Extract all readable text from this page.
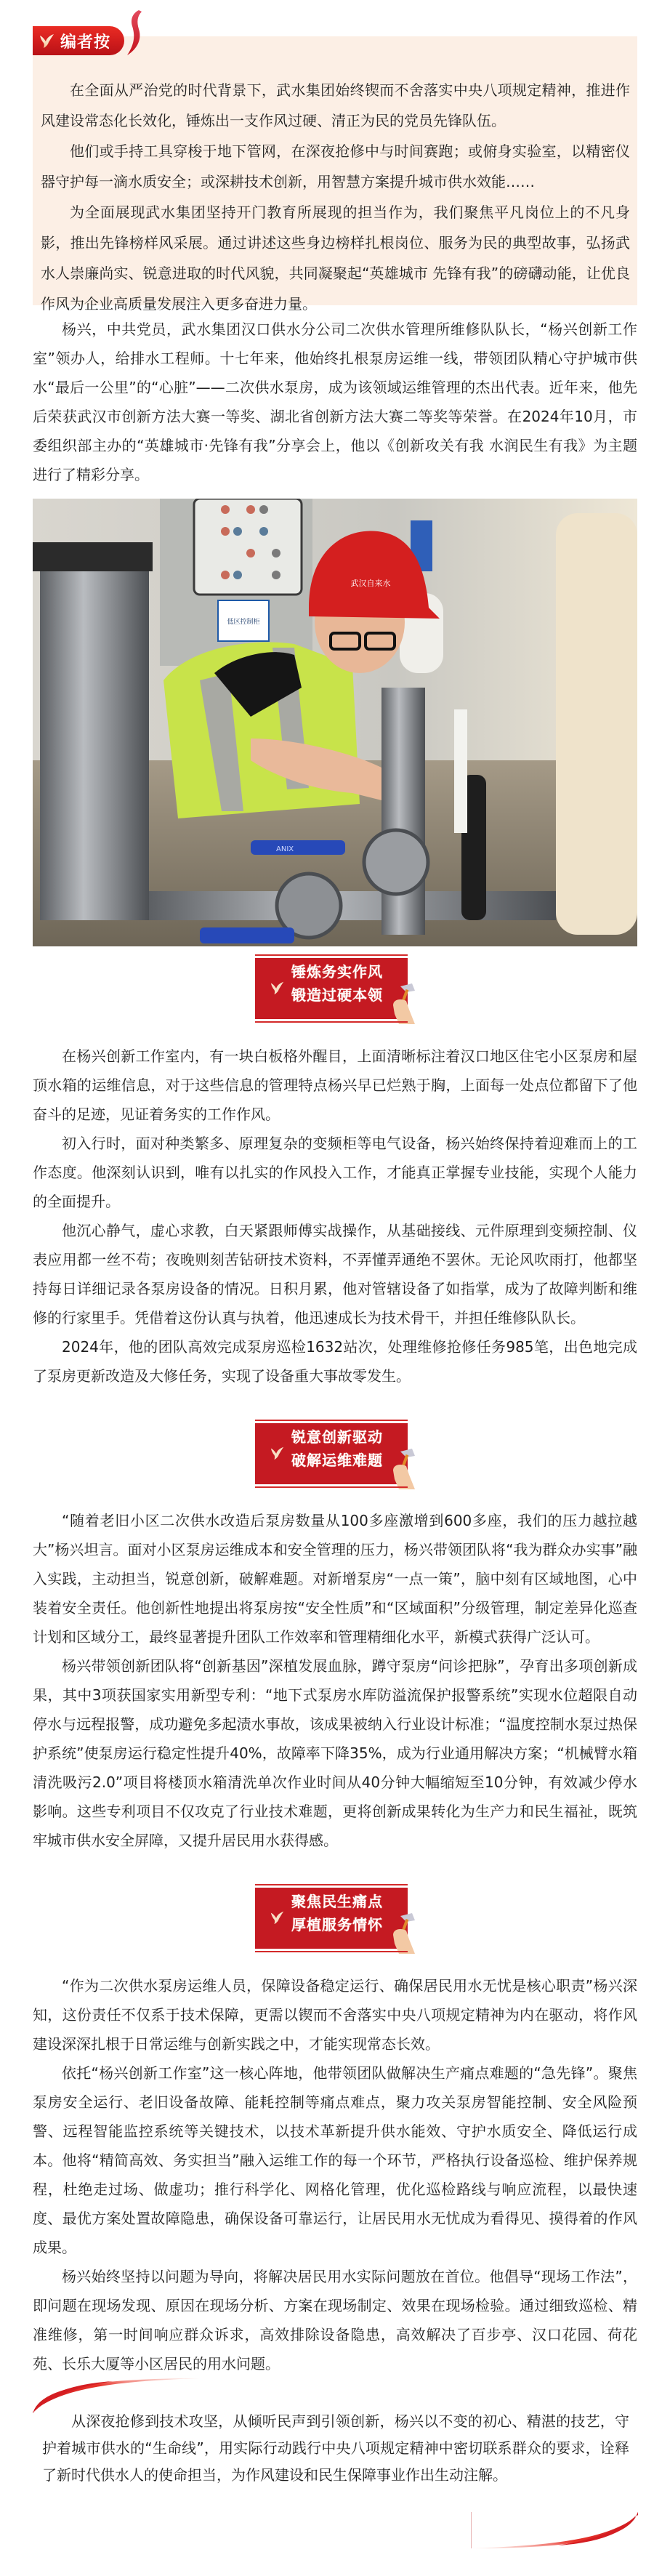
在全面从严治党的时代背景下，武水集团始终锲而不舍落实中央八项规定精神，推进作风建设常态化长效化，锤炼出一支作风过硬、清正为民的党员先锋队伍。

他们或手持工具穿梭于地下管网，在深夜抢修中与时间赛跑；或俯身实验室，以精密仪器守护每一滴水质安全；或深耕技术创新，用智慧方案提升城市供水效能……

为全面展现武水集团坚持开门教育所展现的担当作为，我们聚焦平凡岗位上的不凡身影，推出先锋榜样风采展。通过讲述这些身边榜样扎根岗位、服务为民的典型故事，弘扬武水人崇廉尚实、锐意进取的时代风貌，共同凝聚起“英雄城市 先锋有我”的磅礴动能，让优良作风为企业高质量发展注入更多奋进力量。

编者按

杨兴，中共党员，武水集团汉口供水分公司二次供水管理所维修队队长，“杨兴创新工作室”领办人，给排水工程师。十七年来，他始终扎根泵房运维一线，带领团队精心守护城市供水“最后一公里”的“心脏”——二次供水泵房，成为该领域运维管理的杰出代表。近年来，他先后荣获武汉市创新方法大赛一等奖、湖北省创新方法大赛二等奖等荣誉。在2024年10月，市委组织部主办的“英雄城市·先锋有我”分享会上，他以《创新攻关有我 水润民生有我》为主题进行了精彩分享。

低区控制柜
武汉自来水
ANIX
锤炼务实作风
锻造过硬本领

在杨兴创新工作室内，有一块白板格外醒目，上面清晰标注着汉口地区住宅小区泵房和屋顶水箱的运维信息，对于这些信息的管理特点杨兴早已烂熟于胸，上面每一处点位都留下了他奋斗的足迹，见证着务实的工作作风。

初入行时，面对种类繁多、原理复杂的变频柜等电气设备，杨兴始终保持着迎难而上的工作态度。他深刻认识到，唯有以扎实的作风投入工作，才能真正掌握专业技能，实现个人能力的全面提升。

他沉心静气，虚心求教，白天紧跟师傅实战操作，从基础接线、元件原理到变频控制、仪表应用都一丝不苟；夜晚则刻苦钻研技术资料，不弄懂弄通绝不罢休。无论风吹雨打，他都坚持每日详细记录各泵房设备的情况。日积月累，他对管辖设备了如指掌，成为了故障判断和维修的行家里手。凭借着这份认真与执着，他迅速成长为技术骨干，并担任维修队队长。

2024年，他的团队高效完成泵房巡检1632站次，处理维修抢修任务985笔，出色地完成了泵房更新改造及大修任务，实现了设备重大事故零发生。

锐意创新驱动
破解运维难题

“随着老旧小区二次供水改造后泵房数量从100多座激增到600多座，我们的压力越拉越大”杨兴坦言。面对小区泵房运维成本和安全管理的压力，杨兴带领团队将“我为群众办实事”融入实践，主动担当，锐意创新，破解难题。对新增泵房“一点一策”，脑中刻有区域地图，心中装着安全责任。他创新性地提出将泵房按“安全性质”和“区域面积”分级管理，制定差异化巡查计划和区域分工，最终显著提升团队工作效率和管理精细化水平，新模式获得广泛认可。

杨兴带领创新团队将“创新基因”深植发展血脉，蹲守泵房“问诊把脉”，孕育出多项创新成果，其中3项获国家实用新型专利：“地下式泵房水库防溢流保护报警系统”实现水位超限自动停水与远程报警，成功避免多起渍水事故，该成果被纳入行业设计标准；“温度控制水泵过热保护系统”使泵房运行稳定性提升40%，故障率下降35%，成为行业通用解决方案；“机械臂水箱清洗吸污2.0”项目将楼顶水箱清洗单次作业时间从40分钟大幅缩短至10分钟，有效减少停水影响。这些专利项目不仅攻克了行业技术难题，更将创新成果转化为生产力和民生福祉，既筑牢城市供水安全屏障，又提升居民用水获得感。

聚焦民生痛点
厚植服务情怀

“作为二次供水泵房运维人员，保障设备稳定运行、确保居民用水无忧是核心职责”杨兴深知，这份责任不仅系于技术保障，更需以锲而不舍落实中央八项规定精神为内在驱动，将作风建设深深扎根于日常运维与创新实践之中，才能实现常态长效。

依托“杨兴创新工作室”这一核心阵地，他带领团队做解决生产痛点难题的“急先锋”。聚焦泵房安全运行、老旧设备故障、能耗控制等痛点难点，聚力攻关泵房智能控制、安全风险预警、远程智能监控系统等关键技术，以技术革新提升供水能效、守护水质安全、降低运行成本。他将“精简高效、务实担当”融入运维工作的每一个环节，严格执行设备巡检、维护保养规程，杜绝走过场、做虚功；推行科学化、网格化管理，优化巡检路线与响应流程，以最快速度、最优方案处置故障隐患，确保设备可靠运行，让居民用水无忧成为看得见、摸得着的作风成果。

杨兴始终坚持以问题为导向，将解决居民用水实际问题放在首位。他倡导“现场工作法”，即问题在现场发现、原因在现场分析、方案在现场制定、效果在现场检验。通过细致巡检、精准维修，第一时间响应群众诉求，高效排除设备隐患，高效解决了百步亭、汉口花园、荷花苑、长乐大厦等小区居民的用水问题。

从深夜抢修到技术攻坚，从倾听民声到引领创新，杨兴以不变的初心、精湛的技艺，守护着城市供水的“生命线”，用实际行动践行中央八项规定精神中密切联系群众的要求，诠释了新时代供水人的使命担当，为作风建设和民生保障事业作出生动注解。
